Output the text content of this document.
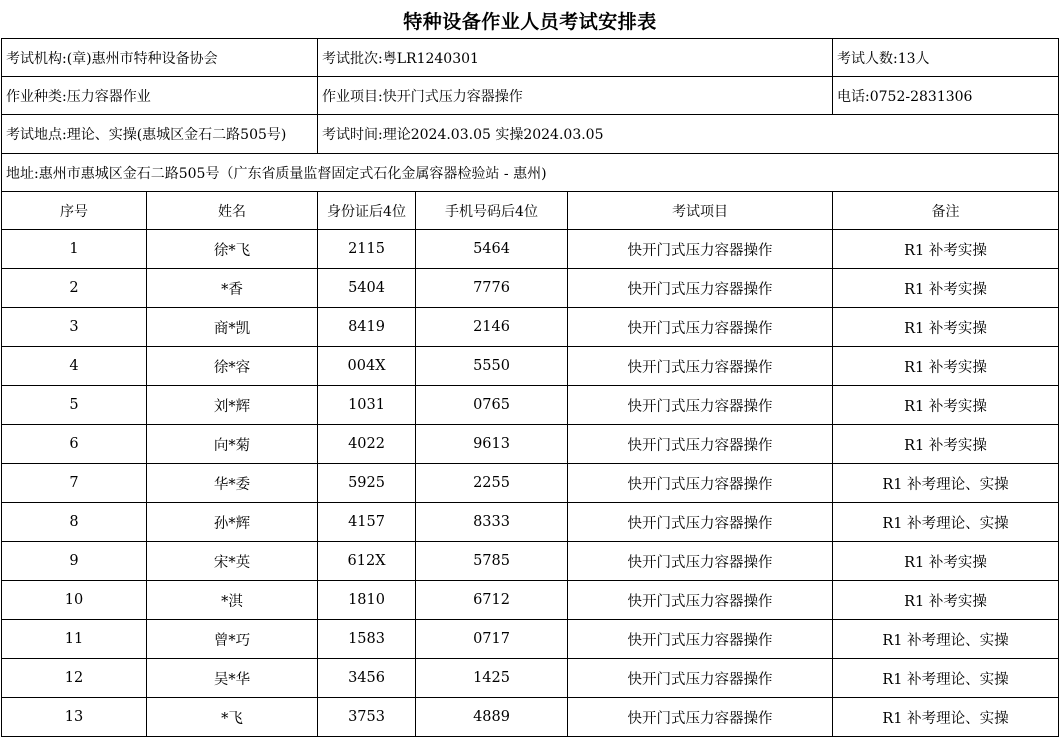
特种设备作业人员考试安排表
考试机构:(章)惠州市特种设备协会		考试批次:粤LR1240301			考试人数:13人
作业种类:压力容器作业		作业项目:快开门式压力容器操作			电话:0752-2831306
考试地点:理论、实操(惠城区金石二路505号)		考试时间:理论2024.03.05 实操2024.03.05			
地址:惠州市惠城区金石二路505号（广东省质量监督固定式石化金属容器检验站 - 惠州)					
序号	姓名	身份证后4位	手机号码后4位	考试项目	备注
1	徐*飞	2115	5464	快开门式压力容器操作	R1 补考实操
2	*香	5404	7776	快开门式压力容器操作	R1 补考实操
3	商*凯	8419	2146	快开门式压力容器操作	R1 补考实操
4	徐*容	004X	5550	快开门式压力容器操作	R1 补考实操
5	刘*辉	1031	0765	快开门式压力容器操作	R1 补考实操
6	向*菊	4022	9613	快开门式压力容器操作	R1 补考实操
7	华*委	5925	2255	快开门式压力容器操作	R1 补考理论、实操
8	孙*辉	4157	8333	快开门式压力容器操作	R1 补考理论、实操
9	宋*英	612X	5785	快开门式压力容器操作	R1 补考实操
10	*淇	1810	6712	快开门式压力容器操作	R1 补考实操
11	曾*巧	1583	0717	快开门式压力容器操作	R1 补考理论、实操
12	吴*华	3456	1425	快开门式压力容器操作	R1 补考理论、实操
13	*飞	3753	4889	快开门式压力容器操作	R1 补考理论、实操
